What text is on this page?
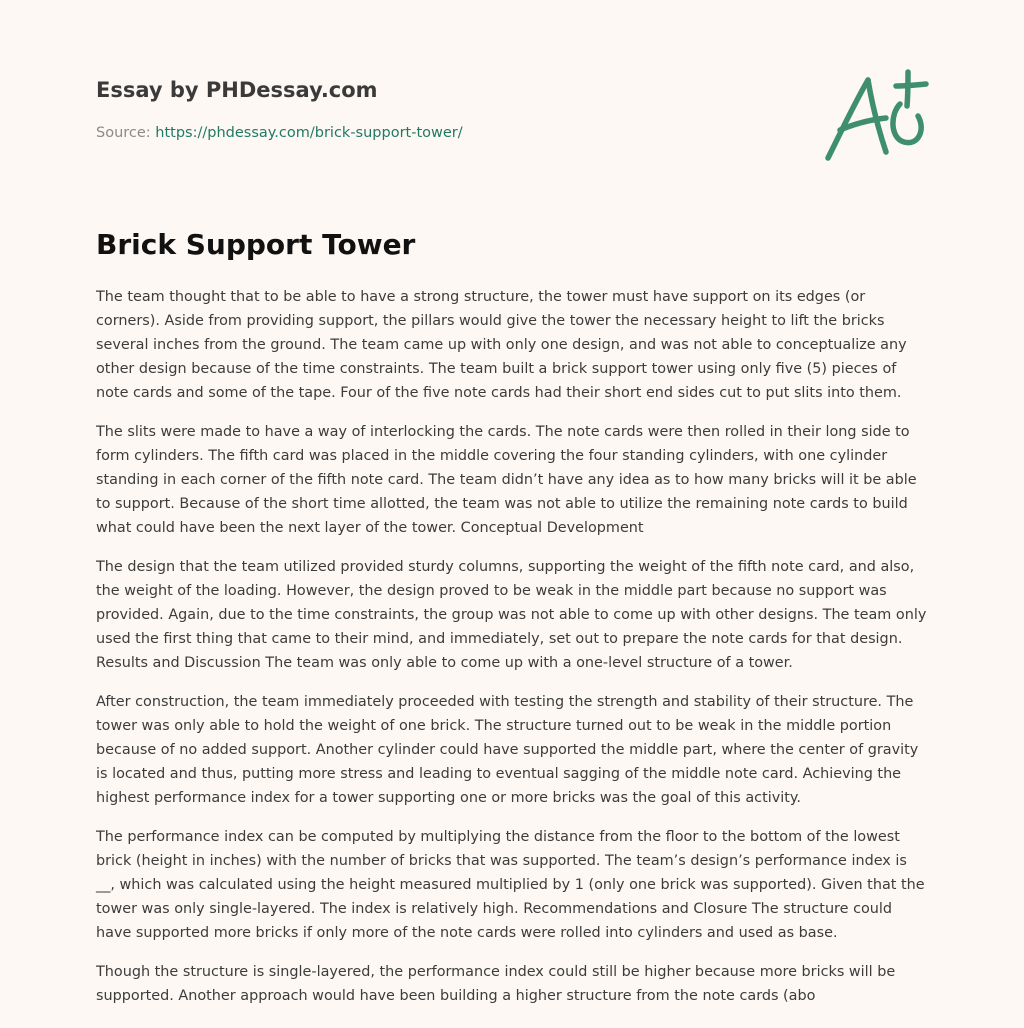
Essay by PHDessay.com
Source: https://phdessay.com/brick-support-tower/
Brick Support Tower

The team thought that to be able to have a strong structure, the tower must have support on its edges (or corners). Aside from providing support, the pillars would give the tower the necessary height to lift the bricks several inches from the ground. The team came up with only one design, and was not able to conceptualize any other design because of the time constraints. The team built a brick support tower using only five (5) pieces of note cards and some of the tape. Four of the five note cards had their short end sides cut to put slits into them.

The slits were made to have a way of interlocking the cards. The note cards were then rolled in their long side to form cylinders. The fifth card was placed in the middle covering the four standing cylinders, with one cylinder standing in each corner of the fifth note card. The team didn’t have any idea as to how many bricks will it be able to support. Because of the short time allotted, the team was not able to utilize the remaining note cards to build what could have been the next layer of the tower. Conceptual Development

The design that the team utilized provided sturdy columns, supporting the weight of the fifth note card, and also, the weight of the loading. However, the design proved to be weak in the middle part because no support was provided. Again, due to the time constraints, the group was not able to come up with other designs. The team only used the first thing that came to their mind, and immediately, set out to prepare the note cards for that design. Results and Discussion The team was only able to come up with a one-level structure of a tower.

After construction, the team immediately proceeded with testing the strength and stability of their structure. The tower was only able to hold the weight of one brick. The structure turned out to be weak in the middle portion because of no added support. Another cylinder could have supported the middle part, where the center of gravity is located and thus, putting more stress and leading to eventual sagging of the middle note card. Achieving the highest performance index for a tower supporting one or more bricks was the goal of this activity.

The performance index can be computed by multiplying the distance from the floor to the bottom of the lowest brick (height in inches) with the number of bricks that was supported. The team’s design’s performance index is __, which was calculated using the height measured multiplied by 1 (only one brick was supported). Given that the tower was only single-layered. The index is relatively high. Recommendations and Closure The structure could have supported more bricks if only more of the note cards were rolled into cylinders and used as base.

Though the structure is single-layered, the performance index could still be higher because more bricks will be supported. Another approach would have been building a higher structure from the note cards (abo
